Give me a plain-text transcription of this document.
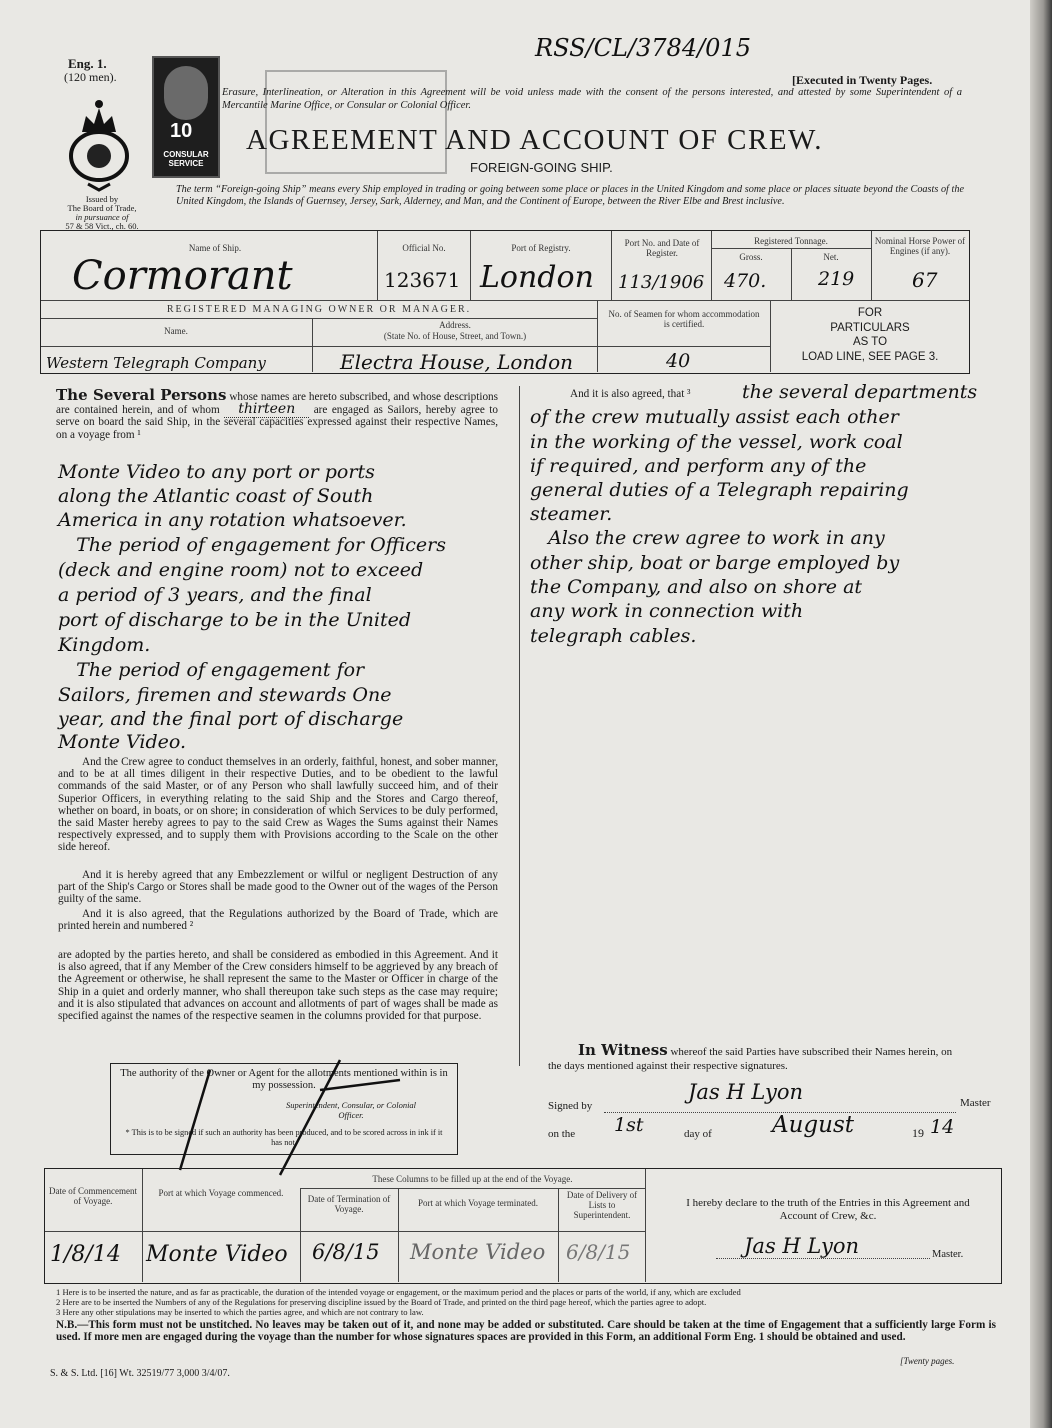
RSS/CL/3784/015
Eng. 1.
(120 men).
Issued by
The Board of Trade,
in pursuance of
57 & 58 Vict., ch. 60.
10
CONSULAR
SERVICE
[Executed in Twenty Pages.
Erasure, Interlineation, or Alteration in this Agreement will be void unless made with the consent of the persons interested, and attested by some Superintendent of a Mercantile Marine Office, or Consular or Colonial Officer.
AGREEMENT AND ACCOUNT OF CREW.
FOREIGN-GOING SHIP.
The term “Foreign-going Ship” means every Ship employed in trading or going between some place or places in the United Kingdom and some place or places situate beyond the Coasts of the United Kingdom, the Islands of Guernsey, Jersey, Sark, Alderney, and Man, and the Continent of Europe, between the River Elbe and Brest inclusive.
Name of Ship.
Cormorant
Official No.
123671
Port of Registry.
London
Port No. and Date of Register.
113/1906
Registered Tonnage.
Gross.	Net.
470.	219
Nominal Horse Power of Engines (if any).
67
REGISTERED MANAGING OWNER OR MANAGER.
Name.
Address.
(State No. of House, Street, and Town.)
Western Telegraph Company	Electra House, London
No. of Seamen for whom accommodation is certified.
40
FOR
PARTICULARS
AS TO
LOAD LINE, SEE PAGE 3.
The Several Persons whose names are hereto subscribed, and whose descriptions are contained herein, and of whom thirteen are engaged as Sailors, hereby agree to serve on board the said Ship, in the several capacities expressed against their respective Names, on a voyage from ¹
Monte Video to any port or ports
along the Atlantic coast of South
America in any rotation whatsoever.
The period of engagement for Officers
(deck and engine room) not to exceed
a period of 3 years, and the final
port of discharge to be in the United
Kingdom.
The period of engagement for
Sailors, firemen and stewards One
year, and the final port of discharge
Monte Video.
And the Crew agree to conduct themselves in an orderly, faithful, honest, and sober manner, and to be at all times diligent in their respective Duties, and to be obedient to the lawful commands of the said Master, or of any Person who shall lawfully succeed him, and of their Superior Officers, in everything relating to the said Ship and the Stores and Cargo thereof, whether on board, in boats, or on shore; in consideration of which Services to be duly performed, the said Master hereby agrees to pay to the said Crew as Wages the Sums against their Names respectively expressed, and to supply them with Provisions according to the Scale on the other side hereof.
And it is hereby agreed that any Embezzlement or wilful or negligent Destruction of any part of the Ship's Cargo or Stores shall be made good to the Owner out of the wages of the Person guilty of the same.
And it is also agreed, that the Regulations authorized by the Board of Trade, which are printed herein and numbered ²
are adopted by the parties hereto, and shall be considered as embodied in this Agreement. And it is also agreed, that if any Member of the Crew considers himself to be aggrieved by any breach of the Agreement or otherwise, he shall represent the same to the Master or Officer in charge of the Ship in a quiet and orderly manner, who shall thereupon take such steps as the case may require; and it is also stipulated that advances on account and allotments of part of wages shall be made as specified against the names of the respective seamen in the columns provided for that purpose.
The authority of the Owner or Agent for the allotments mentioned within is in my possession.
Superintendent, Consular, or Colonial Officer.
* This is to be signed if such an authority has been produced, and to be scored across in ink if it has not.
And it is also agreed, that ³	the several departments
of the crew mutually assist each other
in the working of the vessel, work coal
if required, and perform any of the
general duties of a Telegraph repairing
steamer.
Also the crew agree to work in any
other ship, boat or barge employed by
the Company, and also on shore at
any work in connection with
telegraph cables.
In Witness whereof the said Parties have subscribed their Names herein, on the days mentioned against their respective signatures.
Signed by
Jas H Lyon	Master
on the 1st	day of	August	19 14
These Columns to be filled up at the end of the Voyage.
Date of Commencement of Voyage.
Port at which Voyage commenced.
Date of Termination of Voyage.
Port at which Voyage terminated.
Date of Delivery of Lists to Superintendent.
1/8/14 Monte Video 6/8/15 Monte Video 6/8/15
I hereby declare to the truth of the Entries in this Agreement and Account of Crew, &c.
Jas H Lyon	Master.
1 Here is to be inserted the nature, and as far as practicable, the duration of the intended voyage or engagement, or the maximum period and the places or parts of the world, if any, which are excluded
2 Here are to be inserted the Numbers of any of the Regulations for preserving discipline issued by the Board of Trade, and printed on the third page hereof, which the parties agree to adopt.
3 Here any other stipulations may be inserted to which the parties agree, and which are not contrary to law.
N.B.—This form must not be unstitched. No leaves may be taken out of it, and none may be added or substituted. Care should be taken at the time of Engagement that a sufficiently large Form is used. If more men are engaged during the voyage than the number for whose signatures spaces are provided in this Form, an additional Form Eng. 1 should be obtained and used.
S. & S. Ltd. [16] Wt. 32519/77 3,000 3/4/07.
[Twenty pages.
